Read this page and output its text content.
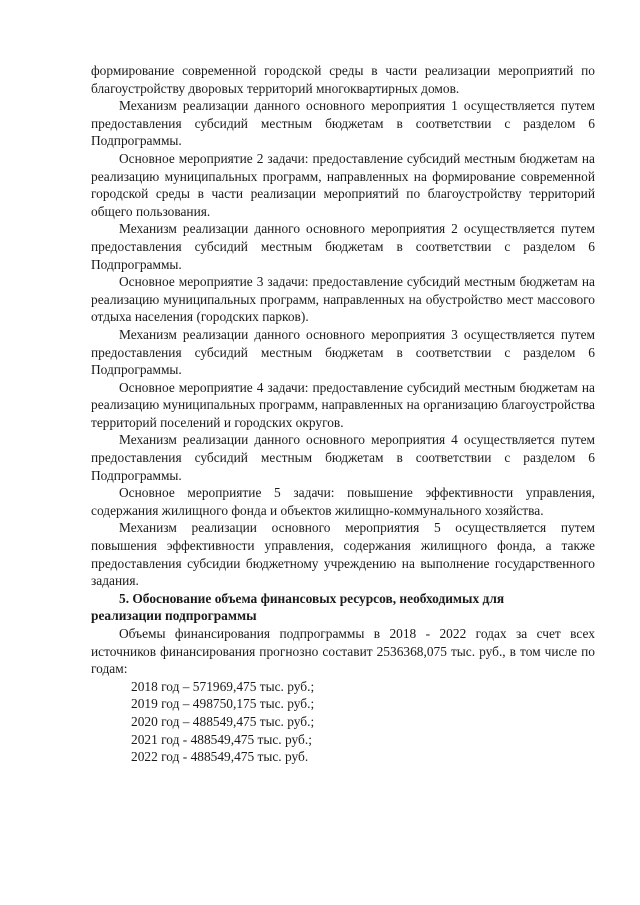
формирование современной городской среды в части реализации мероприятий по благоустройству дворовых территорий многоквартирных домов.

Механизм реализации данного основного мероприятия 1 осуществляется путем предоставления субсидий местным бюджетам в соответствии с разделом 6 Подпрограммы.

Основное мероприятие 2 задачи: предоставление субсидий местным бюджетам на реализацию муниципальных программ, направленных на формирование современной городской среды в части реализации мероприятий по благоустройству территорий общего пользования.

Механизм реализации данного основного мероприятия 2 осуществляется путем предоставления субсидий местным бюджетам в соответствии с разделом 6 Подпрограммы.

Основное мероприятие 3 задачи: предоставление субсидий местным бюджетам на реализацию муниципальных программ, направленных на обустройство мест массового отдыха населения (городских парков).

Механизм реализации данного основного мероприятия 3 осуществляется путем предоставления субсидий местным бюджетам в соответствии с разделом 6 Подпрограммы.

Основное мероприятие 4 задачи: предоставление субсидий местным бюджетам на реализацию муниципальных программ, направленных на организацию благоустройства территорий поселений и городских округов.

Механизм реализации данного основного мероприятия 4 осуществляется путем предоставления субсидий местным бюджетам в соответствии с разделом 6 Подпрограммы.

Основное мероприятие 5 задачи: повышение эффективности управления, содержания жилищного фонда и объектов жилищно-коммунального хозяйства.

Механизм реализации основного мероприятия 5 осуществляется путем повышения эффективности управления, содержания жилищного фонда, а также предоставления субсидии бюджетному учреждению на выполнение государственного задания.

5. Обоснование объема финансовых ресурсов, необходимых для
реализации подпрограммы

Объемы финансирования подпрограммы в 2018 - 2022 годах за счет всех источников финансирования прогнозно составит 2536368,075 тыс. руб., в том числе по годам:

2018 год – 571969,475 тыс. руб.;
2019 год – 498750,175 тыс. руб.;
2020 год – 488549,475 тыс. руб.;
2021 год - 488549,475 тыс. руб.;
2022 год - 488549,475 тыс. руб.
